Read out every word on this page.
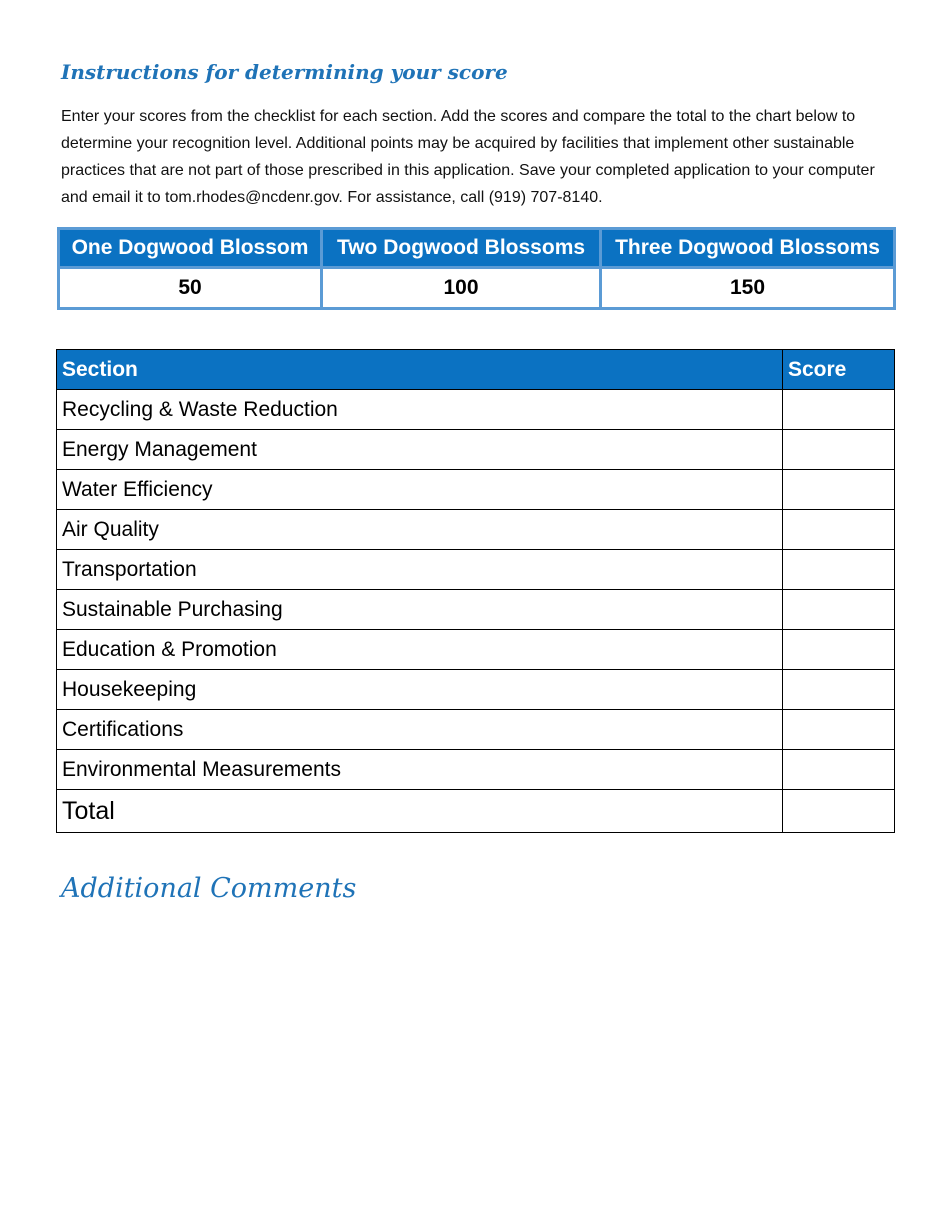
Instructions for determining your score

Enter your scores from the checklist for each section. Add the scores and compare the total to the chart below to determine your recognition level. Additional points may be acquired by facilities that implement other sustainable practices that are not part of those prescribed in this application. Save your completed application to your computer and email it to tom.rhodes@ncdenr.gov. For assistance, call (919) 707-8140.

One Dogwood Blossom	Two Dogwood Blossoms	Three Dogwood Blossoms
50	100	150
Section	Score
Recycling & Waste Reduction	
Energy Management	
Water Efficiency	
Air Quality	
Transportation	
Sustainable Purchasing	
Education & Promotion	
Housekeeping	
Certifications	
Environmental Measurements	
Total	
Additional Comments
